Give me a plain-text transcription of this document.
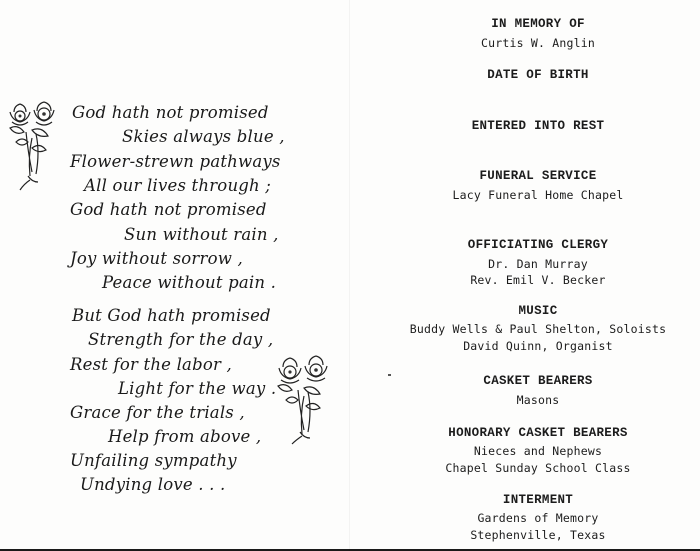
God hath not promised
Skies always blue ,
Flower-strewn pathways
All our lives through ;
God hath not promised
Sun without rain ,
Joy without sorrow ,
Peace without pain .
But God hath promised
Strength for the day ,
Rest for the labor ,
Light for the way .
Grace for the trials ,
Help from above ,
Unfailing sympathy
Undying love . . .
IN MEMORY OF
Curtis W. Anglin
DATE OF BIRTH
ENTERED INTO REST
FUNERAL SERVICE
Lacy Funeral Home Chapel
OFFICIATING CLERGY
Dr. Dan Murray
Rev. Emil V. Becker
MUSIC
Buddy Wells & Paul Shelton, Soloists
David Quinn, Organist
CASKET BEARERS
Masons
HONORARY CASKET BEARERS
Nieces and Nephews
Chapel Sunday School Class
INTERMENT
Gardens of Memory
Stephenville, Texas
